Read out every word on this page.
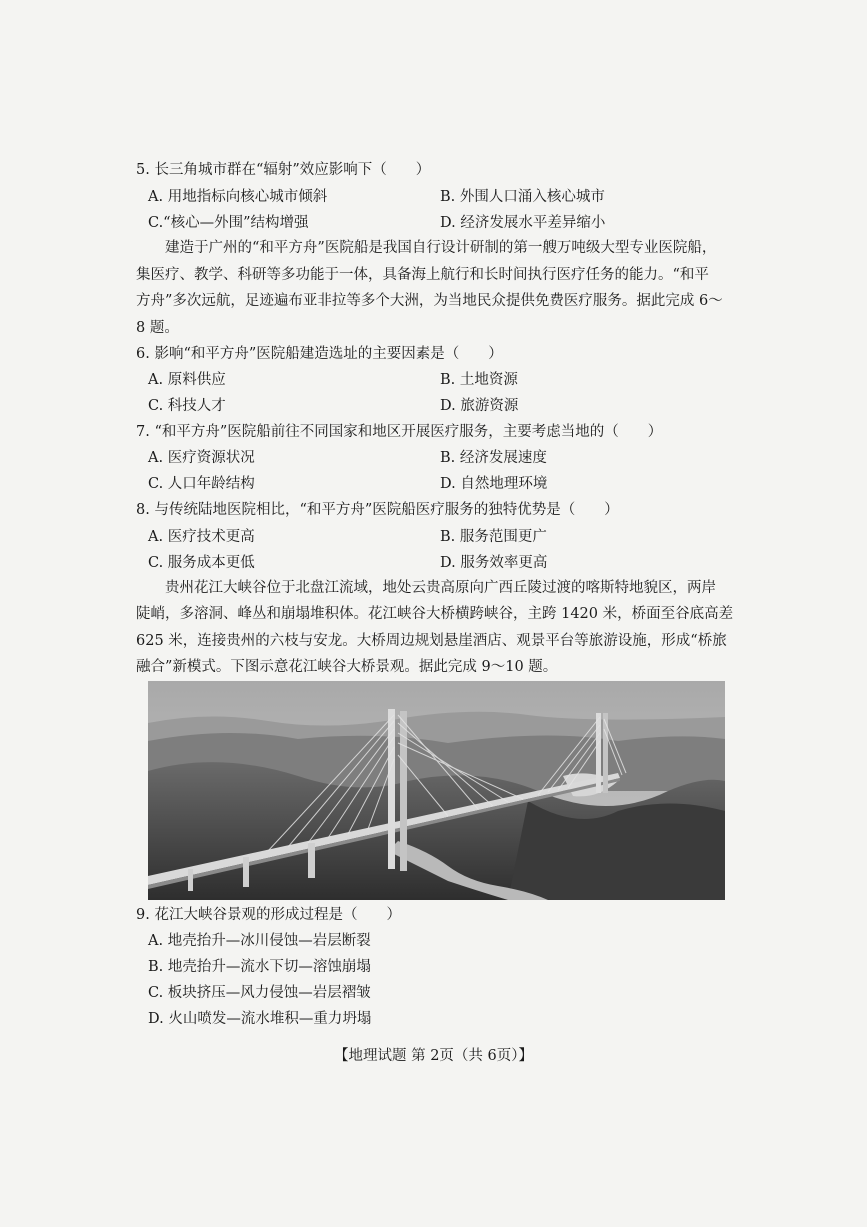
5. 长三角城市群在“辐射”效应影响下（　　）
A. 用地指标向核心城市倾斜	B. 外围人口涌入核心城市
C.“核心—外围”结构增强	D. 经济发展水平差异缩小
建造于广州的“和平方舟”医院船是我国自行设计研制的第一艘万吨级大型专业医院船，
集医疗、教学、科研等多功能于一体，具备海上航行和长时间执行医疗任务的能力。“和平
方舟”多次远航，足迹遍布亚非拉等多个大洲，为当地民众提供免费医疗服务。据此完成 6～
8 题。
6. 影响“和平方舟”医院船建造选址的主要因素是（　　）
A. 原料供应	B. 土地资源
C. 科技人才	D. 旅游资源
7. “和平方舟”医院船前往不同国家和地区开展医疗服务，主要考虑当地的（　　）
A. 医疗资源状况	B. 经济发展速度
C. 人口年龄结构	D. 自然地理环境
8. 与传统陆地医院相比，“和平方舟”医院船医疗服务的独特优势是（　　）
A. 医疗技术更高	B. 服务范围更广
C. 服务成本更低	D. 服务效率更高
贵州花江大峡谷位于北盘江流域，地处云贵高原向广西丘陵过渡的喀斯特地貌区，两岸
陡峭，多溶洞、峰丛和崩塌堆积体。花江峡谷大桥横跨峡谷，主跨 1420 米，桥面至谷底高差
625 米，连接贵州的六枝与安龙。大桥周边规划悬崖酒店、观景平台等旅游设施，形成“桥旅
融合”新模式。下图示意花江峡谷大桥景观。据此完成 9～10 题。
9. 花江大峡谷景观的形成过程是（　　）
A. 地壳抬升—冰川侵蚀—岩层断裂
B. 地壳抬升—流水下切—溶蚀崩塌
C. 板块挤压—风力侵蚀—岩层褶皱
D. 火山喷发—流水堆积—重力坍塌
【地理试题 第 2页（共 6页）】
